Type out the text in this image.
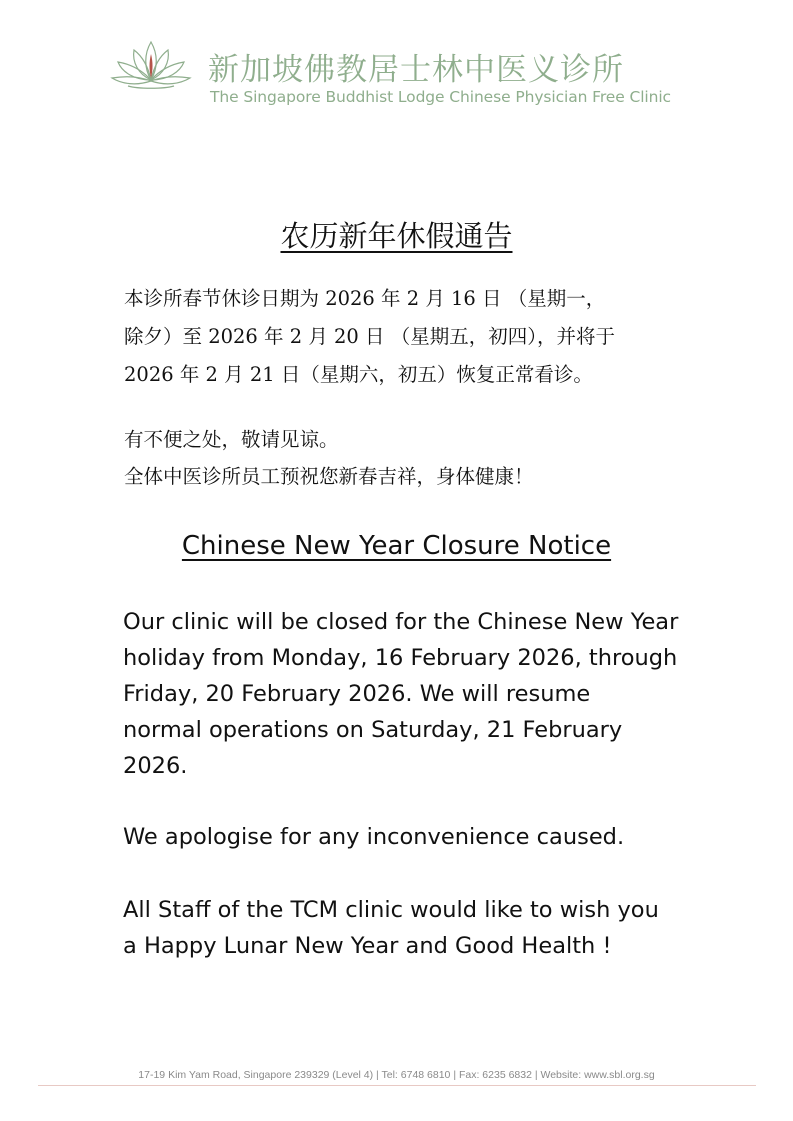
新加坡佛教居士林中医义诊所
The Singapore Buddhist Lodge Chinese Physician Free Clinic
农历新年休假通告
本诊所春节休诊日期为 2026 年 2 月 16 日 （星期一，
除夕）至 2026 年 2 月 20 日 （星期五，初四），并将于
2026 年 2 月 21 日（星期六，初五）恢复正常看诊。
有不便之处，敬请见谅。
全体中医诊所员工预祝您新春吉祥，身体健康！
Chinese New Year Closure Notice
Our clinic will be closed for the Chinese New Year
holiday from Monday, 16 February 2026, through
Friday, 20 February 2026. We will resume
normal operations on Saturday, 21 February
2026.
We apologise for any inconvenience caused.
All Staff of the TCM clinic would like to wish you
a Happy Lunar New Year and Good Health !
17-19 Kim Yam Road, Singapore 239329 (Level 4) | Tel: 6748 6810 | Fax: 6235 6832 | Website: www.sbl.org.sg
